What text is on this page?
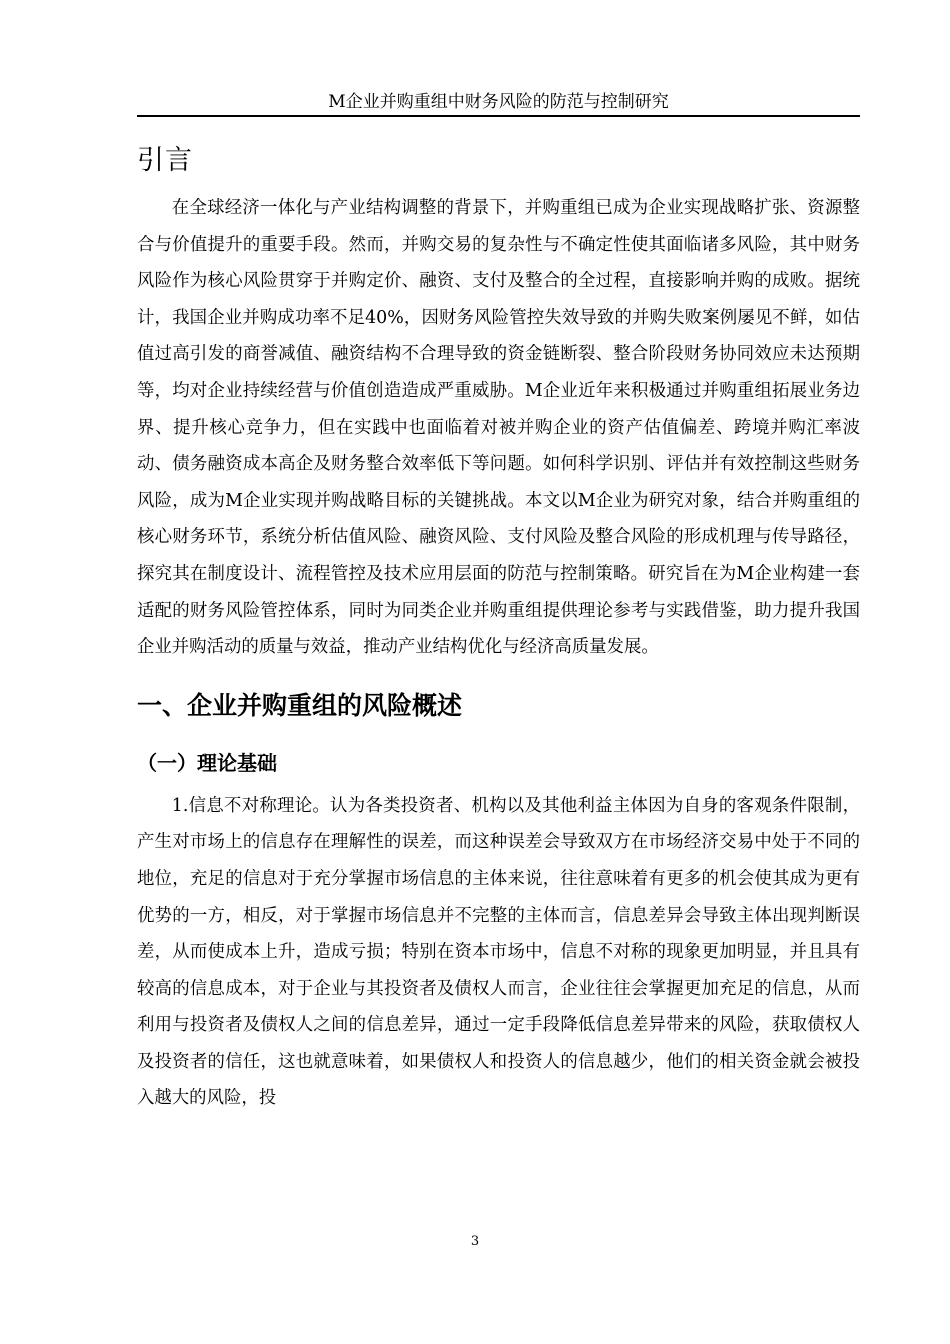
M企业并购重组中财务风险的防范与控制研究
引言

在全球经济一体化与产业结构调整的背景下，并购重组已成为企业实现战略扩张、资源整合与价值提升的重要手段。然而，并购交易的复杂性与不确定性使其面临诸多风险，其中财务风险作为核心风险贯穿于并购定价、融资、支付及整合的全过程，直接影响并购的成败。据统计，我国企业并购成功率不足40%，因财务风险管控失效导致的并购失败案例屡见不鲜，如估值过高引发的商誉减值、融资结构不合理导致的资金链断裂、整合阶段财务协同效应未达预期等，均对企业持续经营与价值创造造成严重威胁。M企业近年来积极通过并购重组拓展业务边界、提升核心竞争力，但在实践中也面临着对被并购企业的资产估值偏差、跨境并购汇率波动、债务融资成本高企及财务整合效率低下等问题。如何科学识别、评估并有效控制这些财务风险，成为M企业实现并购战略目标的关键挑战。本文以M企业为研究对象，结合并购重组的核心财务环节，系统分析估值风险、融资风险、支付风险及整合风险的形成机理与传导路径，探究其在制度设计、流程管控及技术应用层面的防范与控制策略。研究旨在为M企业构建一套适配的财务风险管控体系，同时为同类企业并购重组提供理论参考与实践借鉴，助力提升我国企业并购活动的质量与效益，推动产业结构优化与经济高质量发展。

一、企业并购重组的风险概述
（一）理论基础

1.信息不对称理论。认为各类投资者、机构以及其他利益主体因为自身的客观条件限制，产生对市场上的信息存在理解性的误差，而这种误差会导致双方在市场经济交易中处于不同的地位，充足的信息对于充分掌握市场信息的主体来说，往往意味着有更多的机会使其成为更有优势的一方，相反，对于掌握市场信息并不完整的主体而言，信息差异会导致主体出现判断误差，从而使成本上升，造成亏损；特别在资本市场中，信息不对称的现象更加明显，并且具有较高的信息成本，对于企业与其投资者及债权人而言，企业往往会掌握更加充足的信息，从而利用与投资者及债权人之间的信息差异，通过一定手段降低信息差异带来的风险，获取债权人及投资者的信任，这也就意味着，如果债权人和投资人的信息越少，他们的相关资金就会被投入越大的风险，投

3
